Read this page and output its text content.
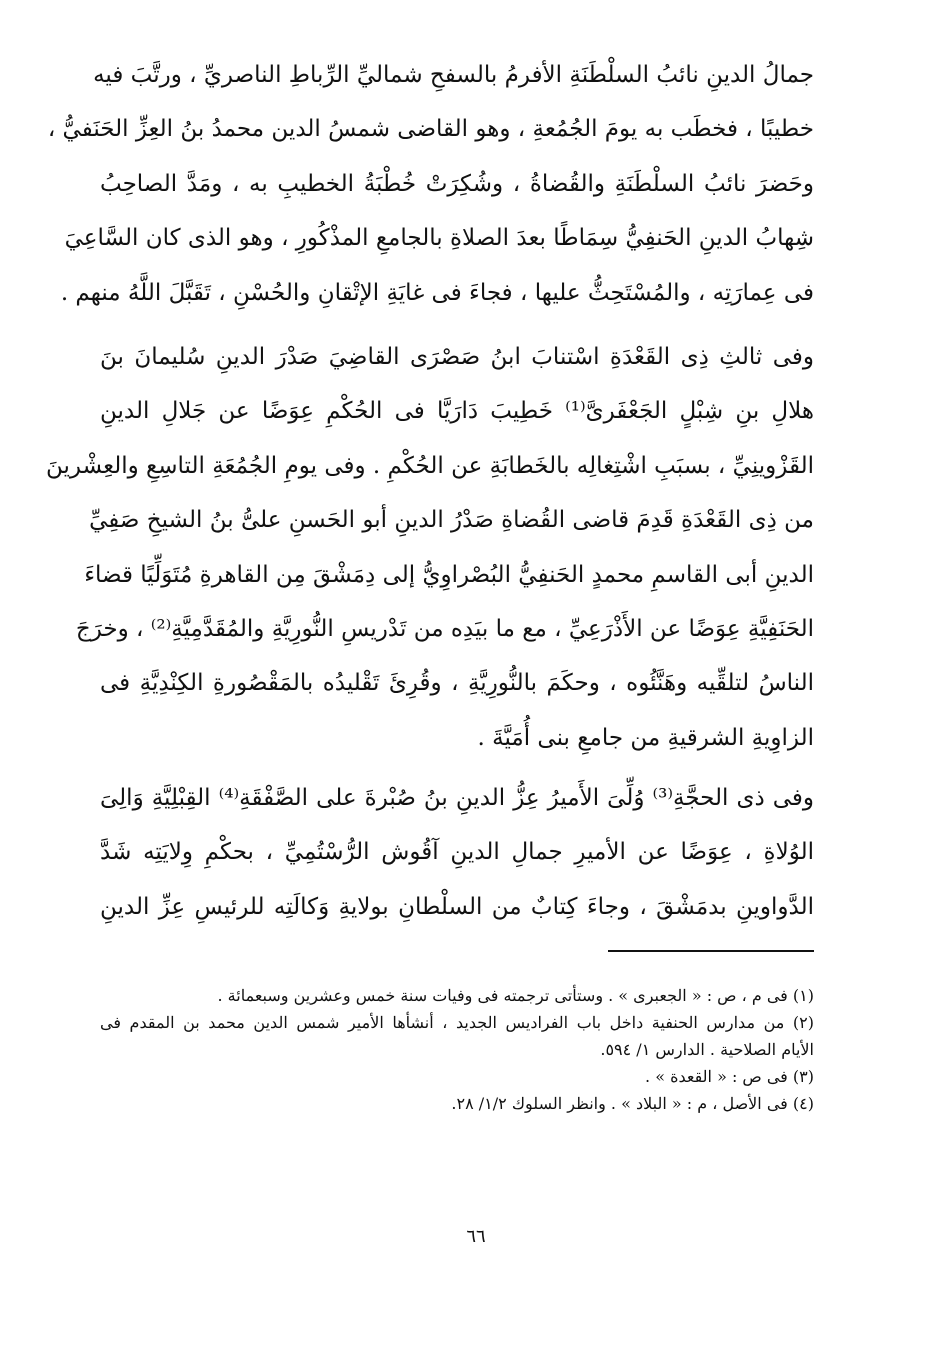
جمالُ الدينِ نائبُ السلْطَنَةِ الأفرمُ بالسفحِ شماليِّ الرِّباطِ الناصريِّ ، ورتَّبَ فيه
خطيبًا ، فخطَب به يومَ الجُمُعةِ ، وهو القاضى شمسُ الدين محمدُ بنُ العِزِّ الحَنَفيُّ ،
وحَضرَ نائبُ السلْطَنَةِ والقُضاةُ ، وشُكِرَتْ خُطْبَةُ الخطيبِ به ، ومَدَّ الصاحِبُ
شِهابُ الدينِ الحَنفِيُّ سِمَاطًا بعدَ الصلاةِ بالجامعِ المذْكُورِ ، وهو الذى كان السَّاعِيَ
فى عِمارَتِه ، والمُسْتَحِثُّ عليها ، فجاءَ فى غايَةِ الإتْقانِ والحُسْنِ ، تَقَبَّلَ اللَّهُ منهم .
وفى ثالثِ ذِى القَعْدَةِ اسْتنابَ ابنُ صَصْرَى القاضِيَ صَدْرَ الدينِ سُليمانَ بنَ
هلالِ بنِ شِبْلٍ الجَعْفَرىَّ⁽¹⁾ خَطِيبَ دَارَيَّا فى الحُكْمِ عِوَضًا عن جَلالِ الدينِ
القَزْوينِيِّ ، بسبَبِ اشْتِغالِه بالخَطابَةِ عن الحُكْمِ . وفى يومِ الجُمُعَةِ التاسِعِ والعِشْرينَ
من ذِى القَعْدَةِ قَدِمَ قاضى القُضاةِ صَدْرُ الدينِ أبو الحَسنِ علىُّ بنُ الشيخِ صَفِيِّ
الدينِ أبى القاسمِ محمدٍ الحَنفِيُّ البُصْراوِيُّ إلى دِمَشْقَ مِن القاهرةِ مُتَوَلِّيًا قضاءَ
الحَنَفِيَّةِ عِوَضًا عن الأَذْرَعِيِّ ، مع ما بيَدِه من تَدْريسِ النُّورِيَّةِ والمُقَدَّمِيَّةِ⁽²⁾ ، وخرَجَ
الناسُ لتلقِّيه وهَنَّئُوه ، وحكَمَ بالنُّورِيَّةِ ، وقُرِئَ تَقْليدُه بالمَقْصُورةِ الكِنْدِيَّةِ فى
الزاوِيةِ الشرقيةِ من جامعِ بنى أُمَيَّةَ .
وفى ذى الحجَّةِ⁽³⁾ وُلِّىَ الأَميرُ عِزُّ الدينِ بنُ صُبْرةَ على الصَّفْقَةِ⁽⁴⁾ القِبْلِيَّةِ وَالِىَ
الوُلاةِ ، عِوَضًا عن الأميرِ جمالِ الدينِ آقُوش الرُّسْتُمِيِّ ، بحكْمِ وِلايَتِه شَدَّ
الدَّواوينِ بدمَشْقَ ، وجاءَ كِتابٌ من السلْطانِ بولايةِ وَكالَتِه للرئيسِ عِزِّ الدينِ
(١) فى م ، ص : « الجعبرى » . وستأتى ترجمته فى وفيات سنة خمس وعشرين وسبعمائة .
(٢) من مدارس الحنفية داخل باب الفراديس الجديد ، أنشأها الأمير شمس الدين محمد بن المقدم فى
الأيام الصلاحية . الدارس ١/ ٥٩٤.
(٣) فى ص : « القعدة » .
(٤) فى الأصل ، م : « البلاد » . وانظر السلوك ١/٢/ ٢٨.
٦٦
